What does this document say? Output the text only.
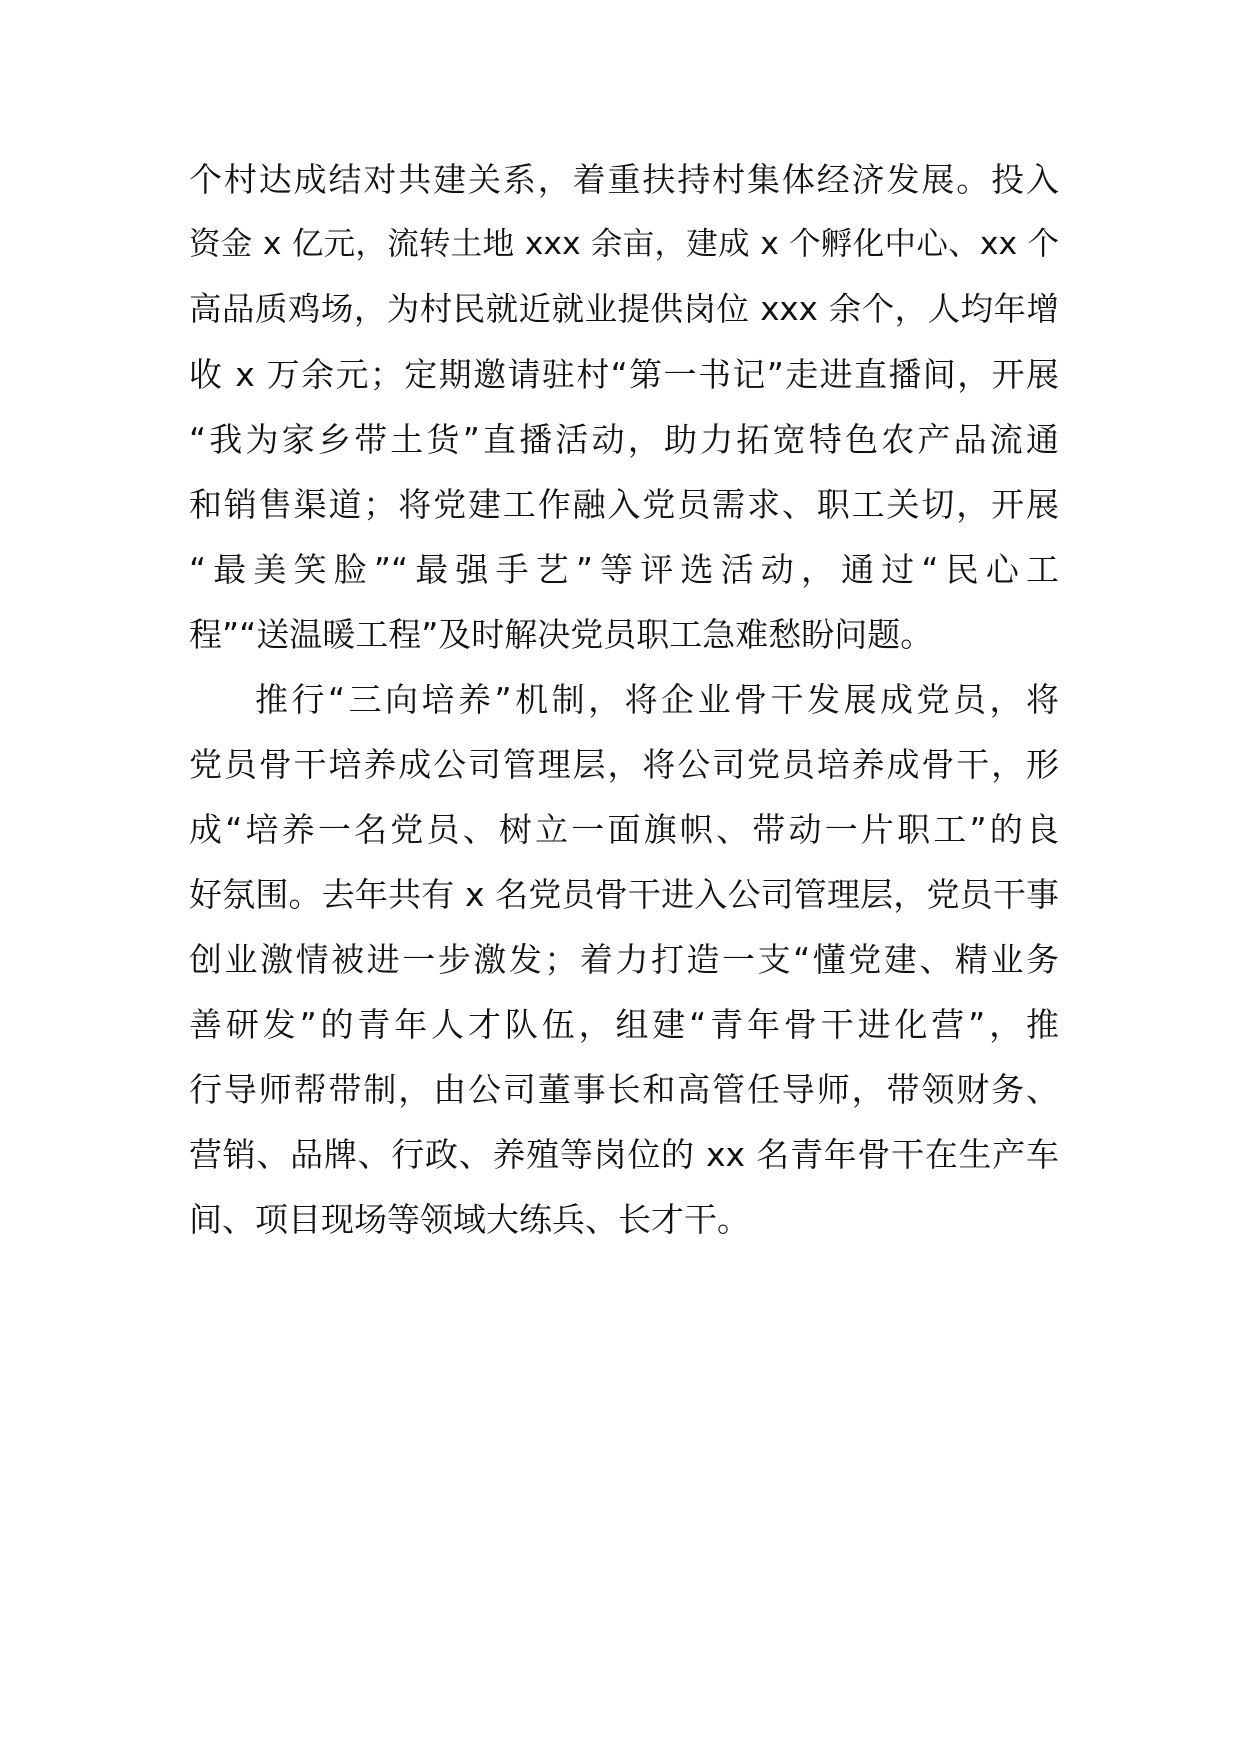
个村达成结对共建关系，着重扶持村集体经济发展。投入
资金 x 亿元，流转土地 xxx 余亩，建成 x 个孵化中心、xx 个
高品质鸡场，为村民就近就业提供岗位 xxx 余个，人均年增
收 x 万余元；定期邀请驻村“第一书记”走进直播间，开展
“我为家乡带土货”直播活动，助力拓宽特色农产品流通
和销售渠道；将党建工作融入党员需求、职工关切，开展
“最美笑脸”“最强手艺”等评选活动，通过“民心工
程”“送温暖工程”及时解决党员职工急难愁盼问题。
推行“三向培养”机制，将企业骨干发展成党员，将
党员骨干培养成公司管理层，将公司党员培养成骨干，形
成“培养一名党员、树立一面旗帜、带动一片职工”的良
好氛围。去年共有 x 名党员骨干进入公司管理层，党员干事
创业激情被进一步激发；着力打造一支“懂党建、精业务
善研发”的青年人才队伍，组建“青年骨干进化营”，推
行导师帮带制，由公司董事长和高管任导师，带领财务、
营销、品牌、行政、养殖等岗位的 xx 名青年骨干在生产车
间、项目现场等领域大练兵、长才干。
